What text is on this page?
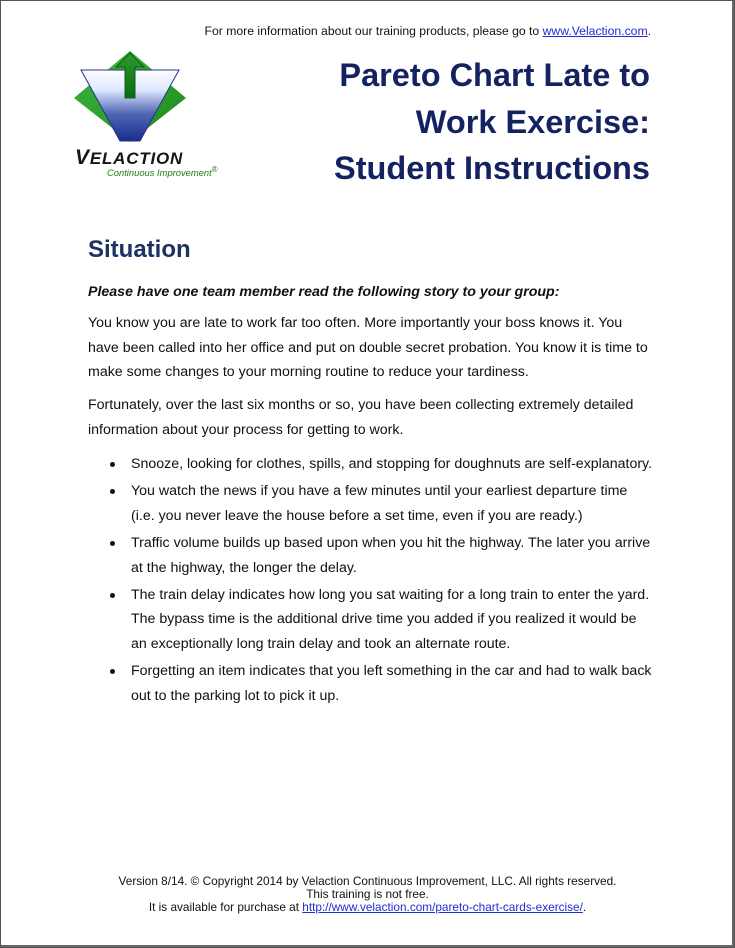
For more information about our training products, please go to www.Velaction.com.
VELACTION
Continuous Improvement®
Pareto Chart Late to
Work Exercise:
Student Instructions
Situation

Please have one team member read the following story to your group:

You know you are late to work far too often. More importantly your boss knows it. You have been called into her office and put on double secret probation. You know it is time to make some changes to your morning routine to reduce your tardiness.

Fortunately, over the last six months or so, you have been collecting extremely detailed information about your process for getting to work.

Snooze, looking for clothes, spills, and stopping for doughnuts are self-explanatory.
You watch the news if you have a few minutes until your earliest departure time (i.e. you never leave the house before a set time, even if you are ready.)
Traffic volume builds up based upon when you hit the highway. The later you arrive at the highway, the longer the delay.
The train delay indicates how long you sat waiting for a long train to enter the yard. The bypass time is the additional drive time you added if you realized it would be an exceptionally long train delay and took an alternate route.
Forgetting an item indicates that you left something in the car and had to walk back out to the parking lot to pick it up.
Version 8/14. © Copyright 2014 by Velaction Continuous Improvement, LLC. All rights reserved.
This training is not free.
It is available for purchase at http://www.velaction.com/pareto-chart-cards-exercise/.
